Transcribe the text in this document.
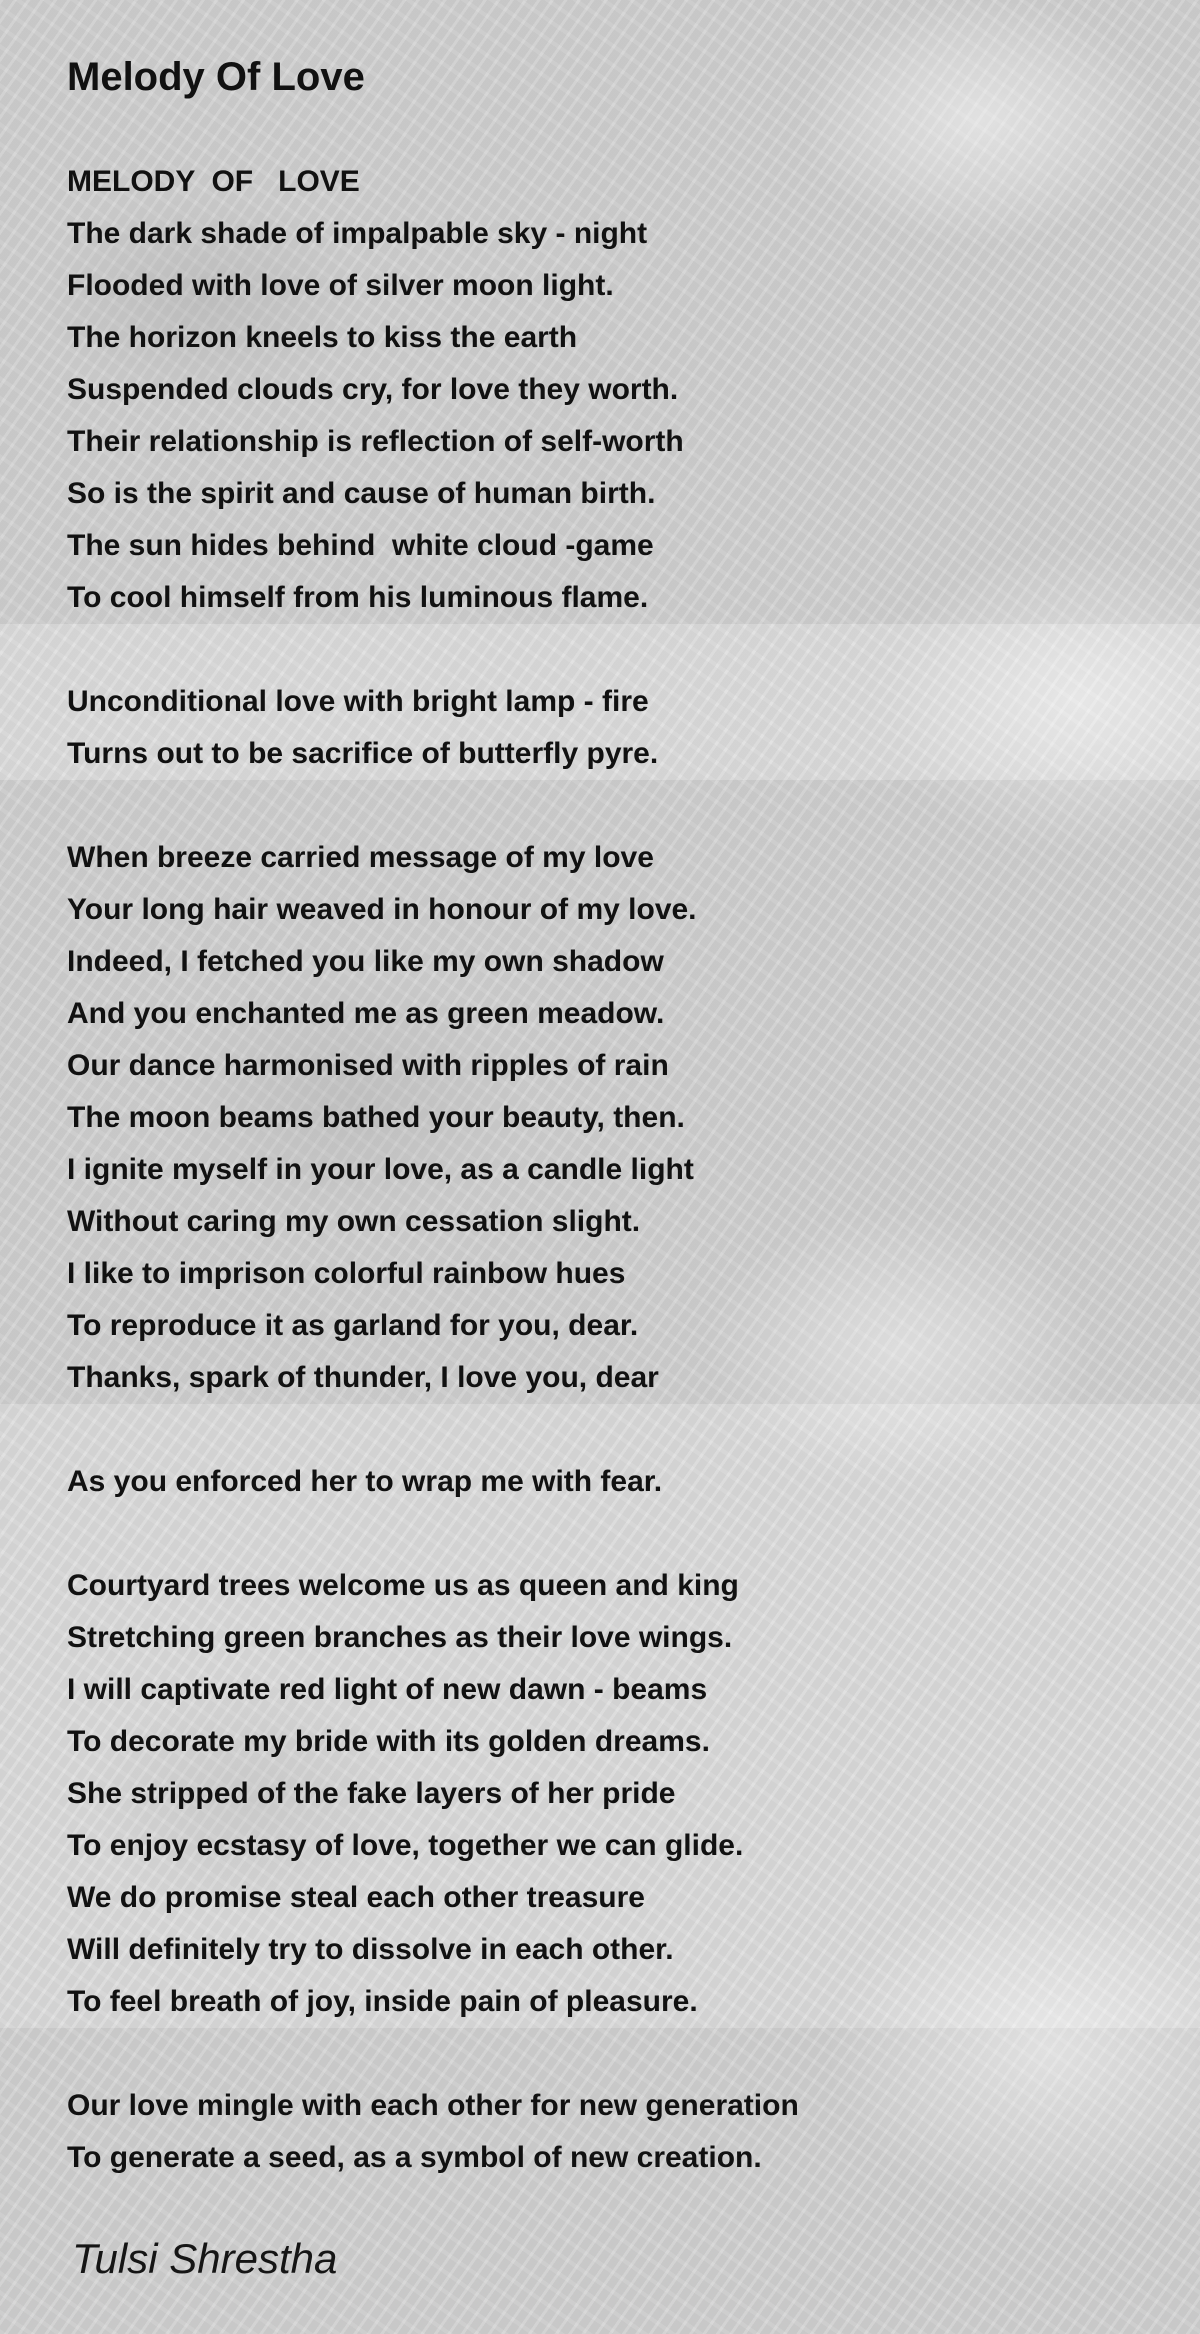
Melody Of Love
MELODY  OF   LOVE
The dark shade of impalpable sky - night
Flooded with love of silver moon light.
The horizon kneels to kiss the earth
Suspended clouds cry, for love they worth.
Their relationship is reflection of self-worth
So is the spirit and cause of human birth.
The sun hides behind  white cloud -game
To cool himself from his luminous flame.
Unconditional love with bright lamp - fire
Turns out to be sacrifice of butterfly pyre.
When breeze carried message of my love
Your long hair weaved in honour of my love.
Indeed, I fetched you like my own shadow
And you enchanted me as green meadow.
Our dance harmonised with ripples of rain
The moon beams bathed your beauty, then.
I ignite myself in your love, as a candle light
Without caring my own cessation slight.
I like to imprison colorful rainbow hues
To reproduce it as garland for you, dear.
Thanks, spark of thunder, I love you, dear
As you enforced her to wrap me with fear.
Courtyard trees welcome us as queen and king
Stretching green branches as their love wings.
I will captivate red light of new dawn - beams
To decorate my bride with its golden dreams.
She stripped of the fake layers of her pride
To enjoy ecstasy of love, together we can glide.
We do promise steal each other treasure
Will definitely try to dissolve in each other.
To feel breath of joy, inside pain of pleasure.
Our love mingle with each other for new generation
To generate a seed, as a symbol of new creation.
Tulsi Shrestha
